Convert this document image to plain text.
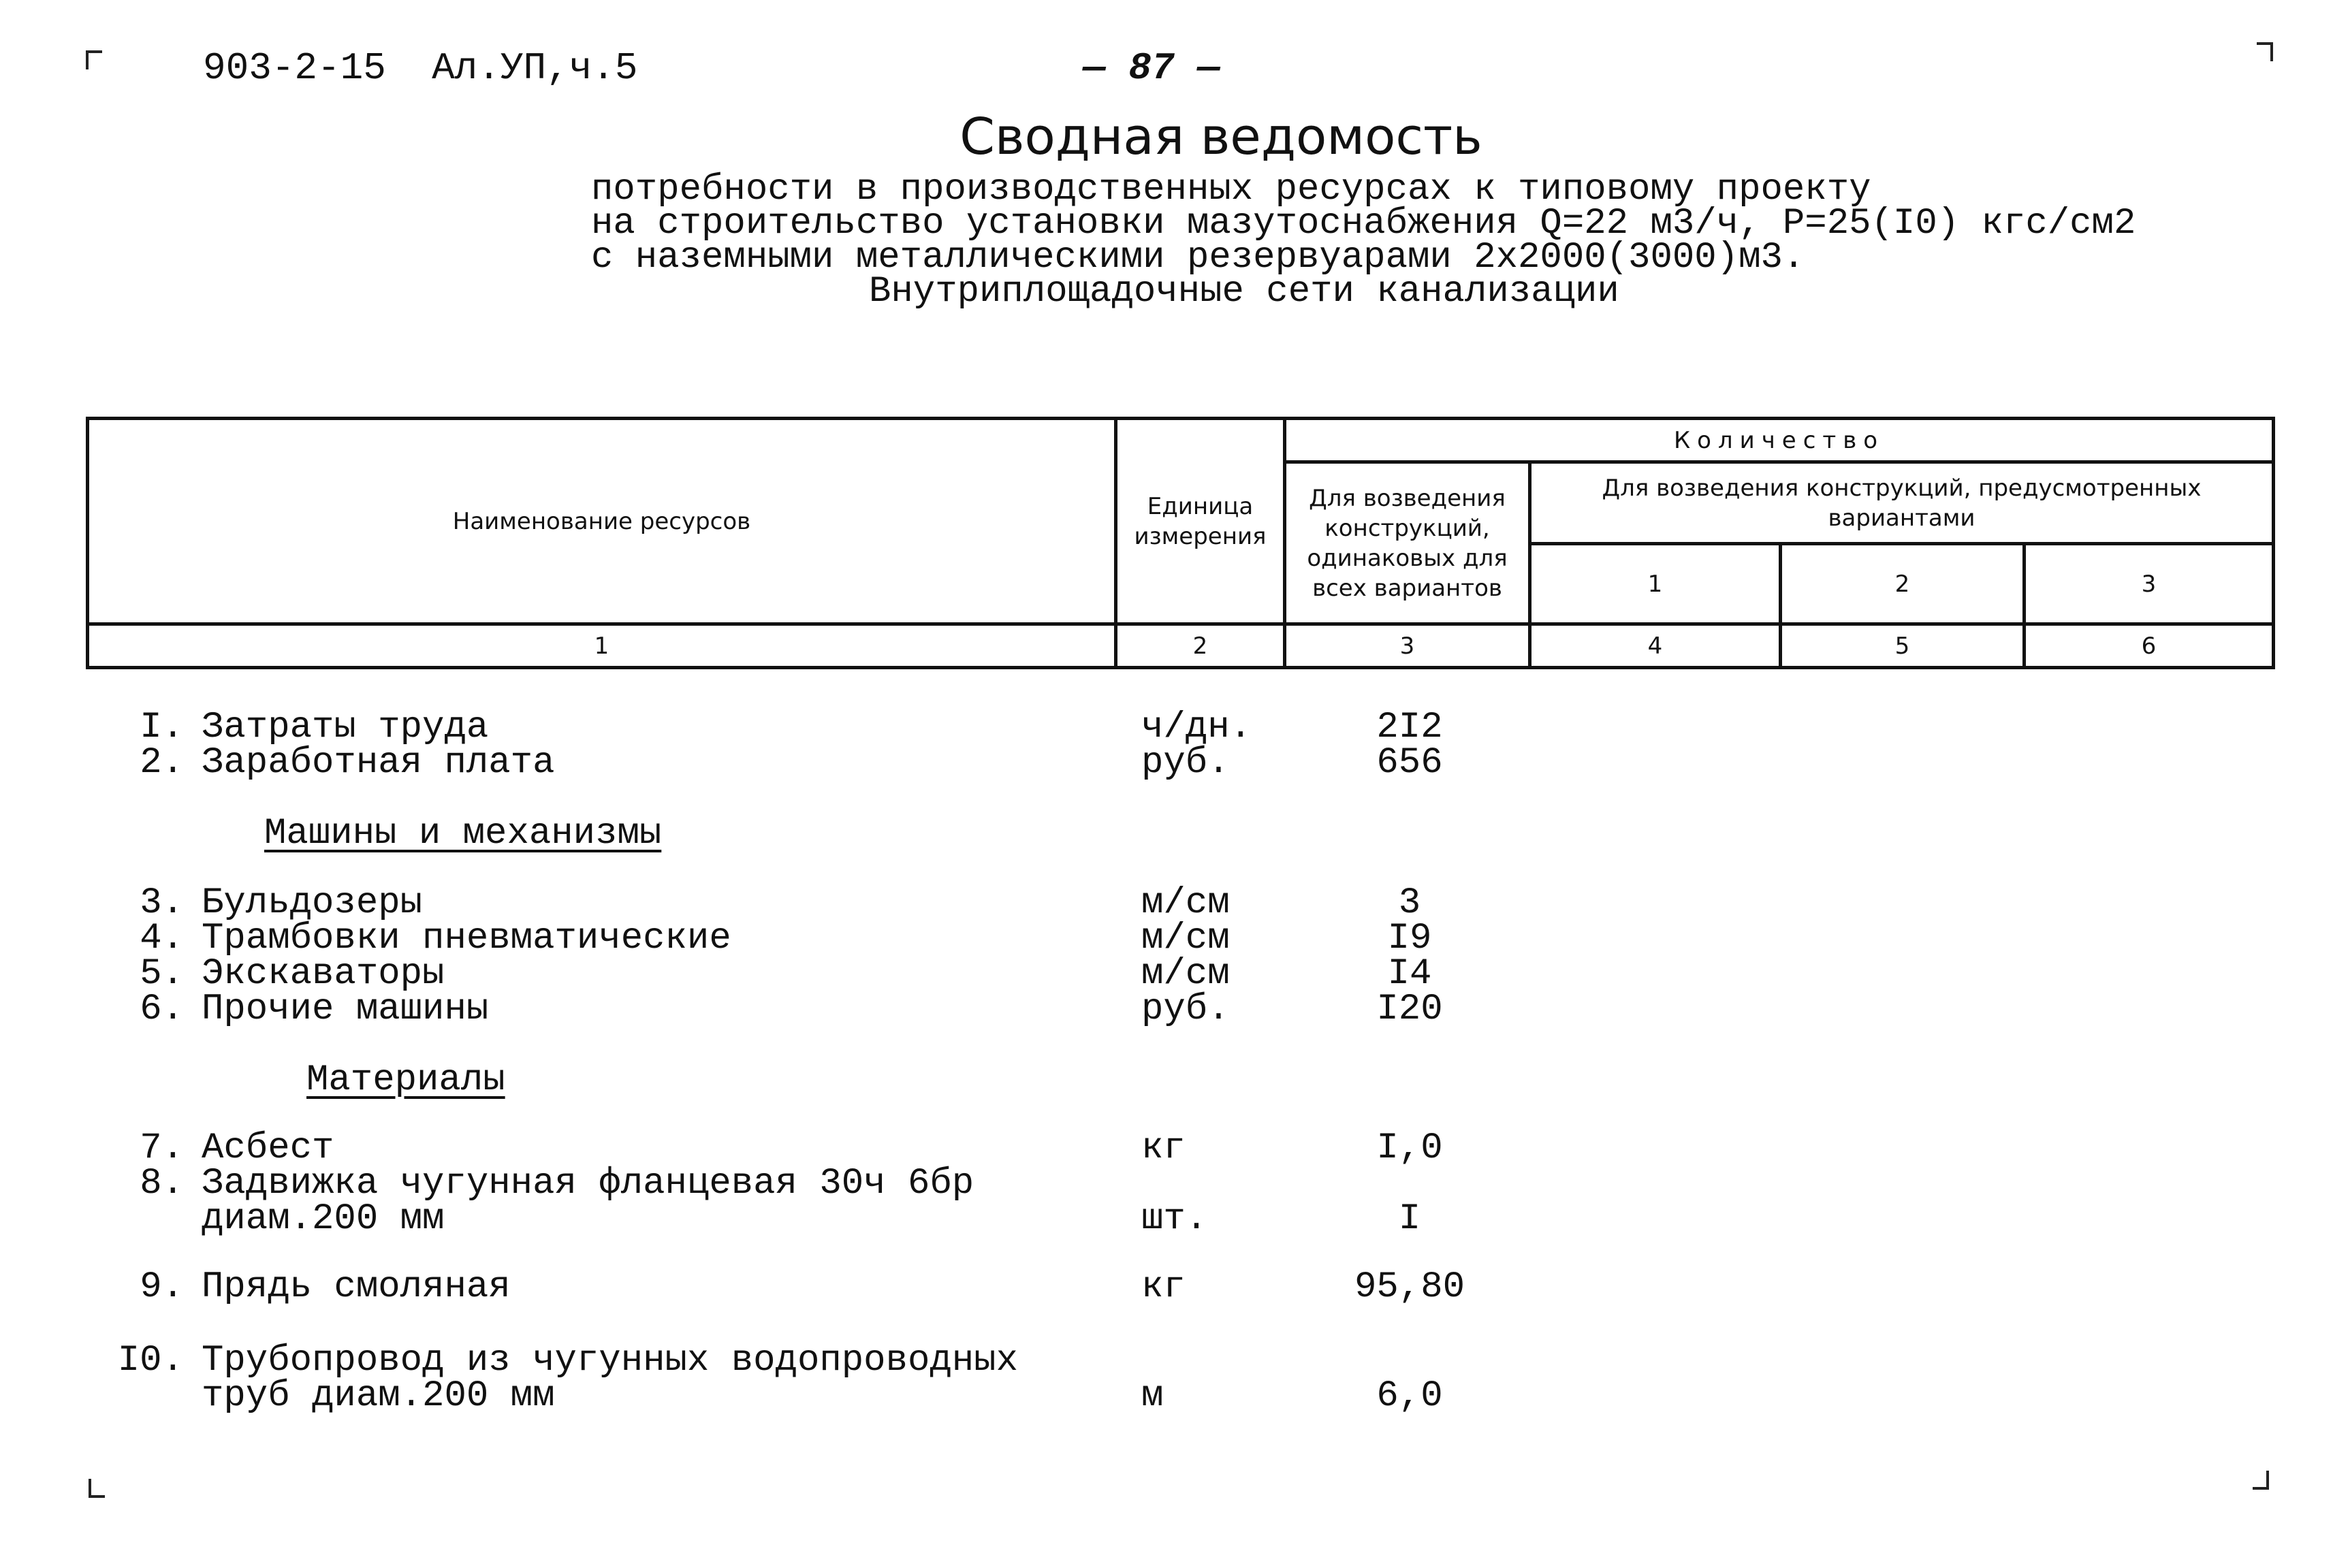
903-2-15 Ал.УП,ч.5	— 87 —
Сводная ведомость
потребности в производственных ресурсах к типовому проекту
на строительство установки мазутоснабжения Q=22 м3/ч, Р=25(I0) кгс/см2
с наземными металлическими резервуарами 2х2000(3000)м3.
Внутриплощадочные сети канализации
Наименование ресурсов	Единица измерения	Количество			
		Для возведения конструкций, одинаковых для всех вариантов	Для возведения конструкций, предусмотренных вариантами		
			1	2	3
1	2	3	4	5	6
I. Затраты труда	ч/дн.	2I2
2. Заработная плата	руб.	656
Машины и механизмы
3. Бульдозеры	м/см	3
4. Трамбовки пневматические	м/см	I9
5. Экскаваторы	м/см	I4
6. Прочие машины	руб.	I20
Материалы
7. Асбест	кг	I,0
8. Задвижка чугунная фланцевая 30ч 6бр
диам.200 мм	шт.	I
9. Прядь смоляная	кг	95,80
I0. Трубопровод из чугунных водопроводных
труб диам.200 мм	м	6,0
